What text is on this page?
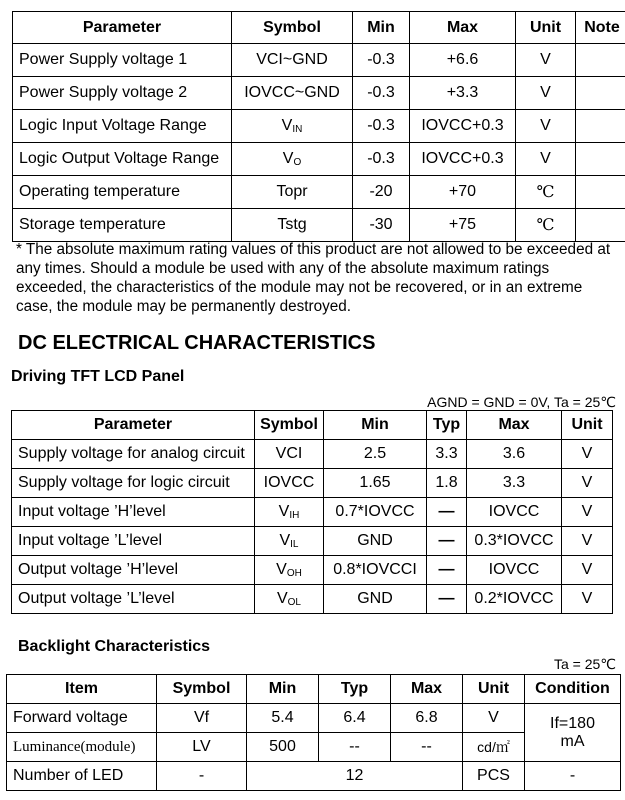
Parameter	Symbol	Min	Max	Unit	Note
Power Supply voltage 1	VCI~GND	-0.3	+6.6	V	
Power Supply voltage 2	IOVCC~GND	-0.3	+3.3	V	
Logic Input Voltage Range	$V_{IN}$	-0.3	IOVCC+0.3	V	
Logic Output Voltage Range	$V_O$	-0.3	IOVCC+0.3	V	
Operating temperature	Topr	-20	+70	℃	
Storage temperature	Tstg	-30	+75	℃	
* The absolute maximum rating values of this product are not allowed to be exceeded at any times. Should a module be used with any of the absolute maximum ratings exceeded, the characteristics of the module may not be recovered, or in an extreme case, the module may be permanently destroyed.
DC ELECTRICAL CHARACTERISTICS
Driving TFT LCD Panel
AGND = GND = 0V, Ta = 25℃
Parameter	Symbol	Min	Typ	Max	Unit
Supply voltage for analog circuit	VCI	2.5	3.3	3.6	V
Supply voltage for logic circuit	IOVCC	1.65	1.8	3.3	V
Input voltage ’H’level	$V_{IH}$	0.7*IOVCC	—	IOVCC	V
Input voltage ’L’level	$V_{IL}$	GND	—	0.3*IOVCC	V
Output voltage ’H’level	$V_{OH}$	0.8*IOVCCI	—	IOVCC	V
Output voltage ’L’level	$V_{OL}$	GND	—	0.2*IOVCC	V
Backlight Characteristics
Ta = 25℃
Item	Symbol	Min	Typ	Max	Unit	Condition
Forward voltage	Vf	5.4	6.4	6.8	V	If=180
mA

Luminance(module)	LV	500	--	--	cd/㎡	
Number of LED	-	12			PCS	-
